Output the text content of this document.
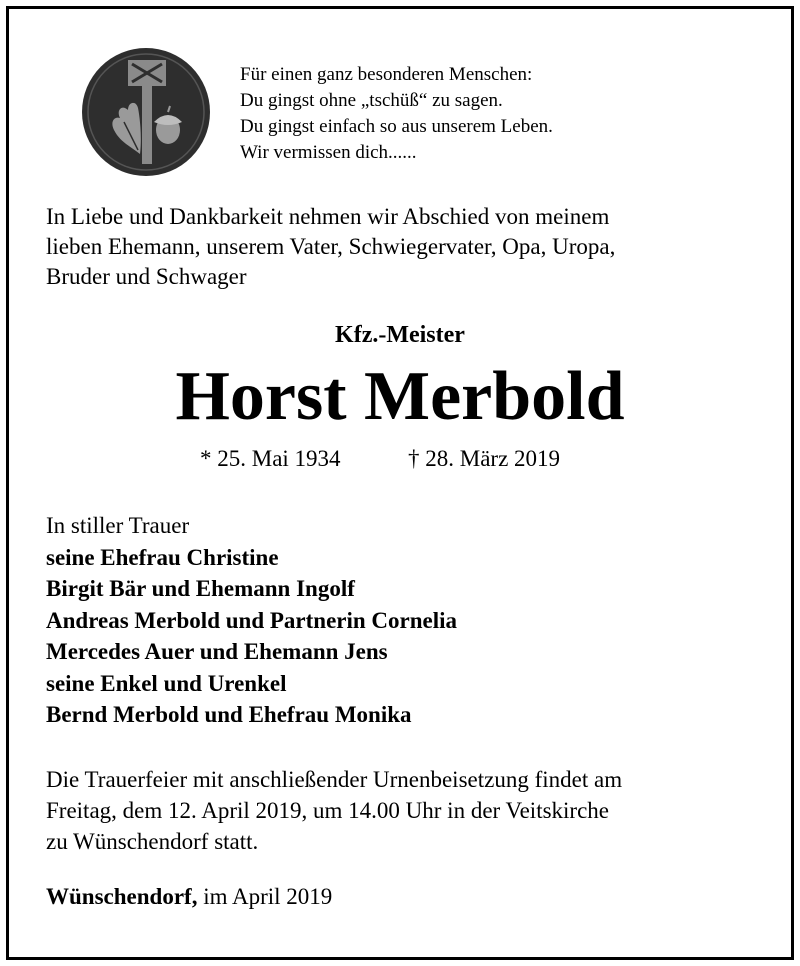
Für einen ganz besonderen Menschen:
Du gingst ohne „tschüß“ zu sagen.
Du gingst einfach so aus unserem Leben.
Wir vermissen dich......
In Liebe und Dankbarkeit nehmen wir Abschied von meinem
lieben Ehemann, unserem Vater, Schwiegervater, Opa, Uropa,
Bruder und Schwager
Kfz.-Meister
Horst Merbold
* 25. Mai 1934	† 28. März 2019
In stiller Trauer
seine Ehefrau Christine
Birgit Bär und Ehemann Ingolf
Andreas Merbold und Partnerin Cornelia
Mercedes Auer und Ehemann Jens
seine Enkel und Urenkel
Bernd Merbold und Ehefrau Monika
Die Trauerfeier mit anschließender Urnenbeisetzung findet am
Freitag, dem 12. April 2019, um 14.00 Uhr in der Veitskirche
zu Wünschendorf statt.
Wünschendorf, im April 2019
